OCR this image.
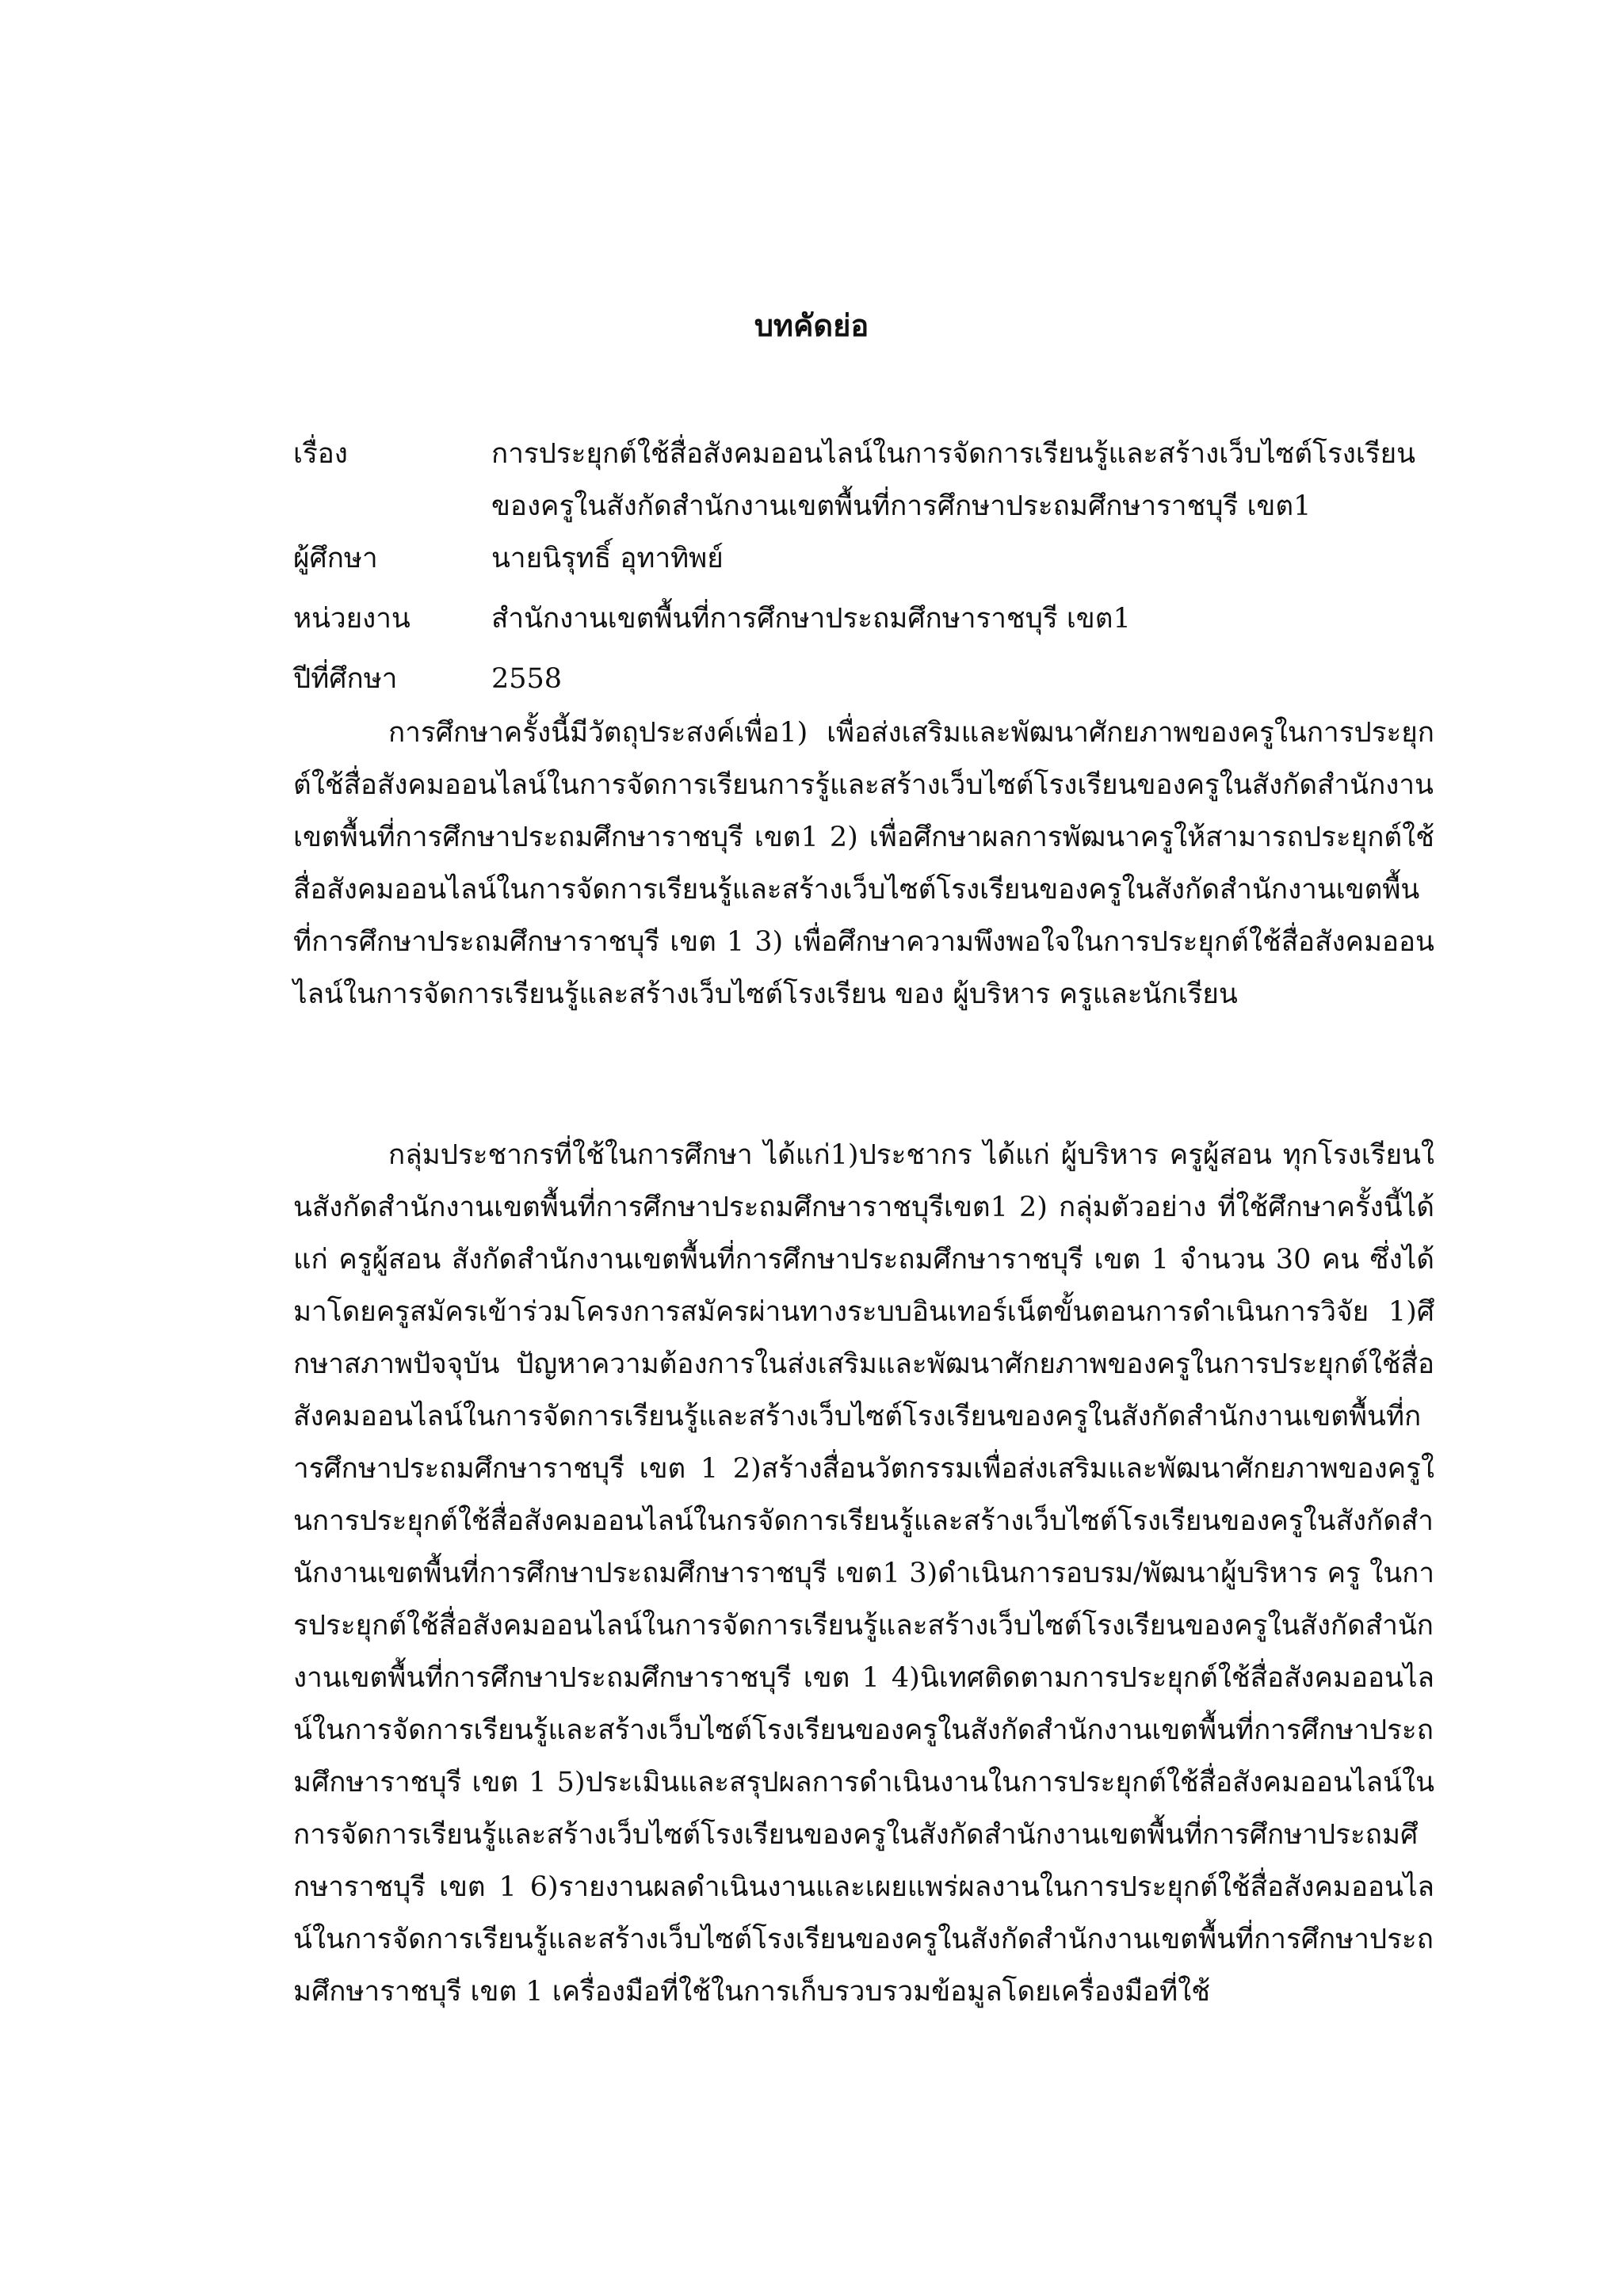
บทคัดย่อ
เรื่อง	การประยุกต์ใช้สื่อสังคมออนไลน์ในการจัดการเรียนรู้และสร้างเว็บไซต์โรงเรียน
ของครูในสังกัดสำนักงานเขตพื้นที่การศึกษาประถมศึกษาราชบุรี เขต1
ผู้ศึกษา	นายนิรุทธิ์ อุทาทิพย์
หน่วยงาน	สำนักงานเขตพื้นที่การศึกษาประถมศึกษาราชบุรี เขต1
ปีที่ศึกษา	2558

การศึกษาครั้งนี้มีวัตถุประสงค์เพื่อ1) เพื่อส่งเสริมและพัฒนาศักยภาพของครูในการประยุกต์ใช้สื่อสังคมออนไลน์ในการจัดการเรียนการรู้และสร้างเว็บไซต์โรงเรียนของครูในสังกัดสำนักงานเขตพื้นที่การศึกษาประถมศึกษาราชบุรี เขต1 2) เพื่อศึกษาผลการพัฒนาครูให้สามารถประยุกต์ใช้สื่อสังคมออนไลน์ในการจัดการเรียนรู้และสร้างเว็บไซต์โรงเรียนของครูในสังกัดสำนักงานเขตพื้นที่การศึกษาประถมศึกษาราชบุรี เขต 1 3) เพื่อศึกษาความพึงพอใจในการประยุกต์ใช้สื่อสังคมออนไลน์ในการจัดการเรียนรู้และสร้างเว็บไซต์โรงเรียน ของ ผู้บริหาร ครูและนักเรียน

กลุ่มประชากรที่ใช้ในการศึกษา ได้แก่1)ประชากร ได้แก่ ผู้บริหาร ครูผู้สอน ทุกโรงเรียนในสังกัดสำนักงานเขตพื้นที่การศึกษาประถมศึกษาราชบุรีเขต1 2) กลุ่มตัวอย่าง ที่ใช้ศึกษาครั้งนี้ได้แก่ ครูผู้สอน สังกัดสำนักงานเขตพื้นที่การศึกษาประถมศึกษาราชบุรี เขต 1 จำนวน 30 คน ซึ่งได้มาโดยครูสมัครเข้าร่วมโครงการสมัครผ่านทางระบบอินเทอร์เน็ตขั้นตอนการดำเนินการวิจัย 1)ศึกษาสภาพปัจจุบัน ปัญหาความต้องการในส่งเสริมและพัฒนาศักยภาพของครูในการประยุกต์ใช้สื่อสังคมออนไลน์ในการจัดการเรียนรู้และสร้างเว็บไซต์โรงเรียนของครูในสังกัดสำนักงานเขตพื้นที่การศึกษาประถมศึกษาราชบุรี เขต 1 2)สร้างสื่อนวัตกรรมเพื่อส่งเสริมและพัฒนาศักยภาพของครูในการประยุกต์ใช้สื่อสังคมออนไลน์ในกรจัดการเรียนรู้และสร้างเว็บไซต์โรงเรียนของครูในสังกัดสำนักงานเขตพื้นที่การศึกษาประถมศึกษาราชบุรี เขต1 3)ดำเนินการอบรม/พัฒนาผู้บริหาร ครู ในการประยุกต์ใช้สื่อสังคมออนไลน์ในการจัดการเรียนรู้และสร้างเว็บไซต์โรงเรียนของครูในสังกัดสำนักงานเขตพื้นที่การศึกษาประถมศึกษาราชบุรี เขต 1 4)นิเทศติดตามการประยุกต์ใช้สื่อสังคมออนไลน์ในการจัดการเรียนรู้และสร้างเว็บไซต์โรงเรียนของครูในสังกัดสำนักงานเขตพื้นที่การศึกษาประถมศึกษาราชบุรี เขต 1 5)ประเมินและสรุปผลการดำเนินงานในการประยุกต์ใช้สื่อสังคมออนไลน์ในการจัดการเรียนรู้และสร้างเว็บไซต์โรงเรียนของครูในสังกัดสำนักงานเขตพื้นที่การศึกษาประถมศึกษาราชบุรี เขต 1 6)รายงานผลดำเนินงานและเผยแพร่ผลงานในการประยุกต์ใช้สื่อสังคมออนไลน์ในการจัดการเรียนรู้และสร้างเว็บไซต์โรงเรียนของครูในสังกัดสำนักงานเขตพื้นที่การศึกษาประถมศึกษาราชบุรี เขต 1 เครื่องมือที่ใช้ในการเก็บรวบรวมข้อมูลโดยเครื่องมือที่ใช้
